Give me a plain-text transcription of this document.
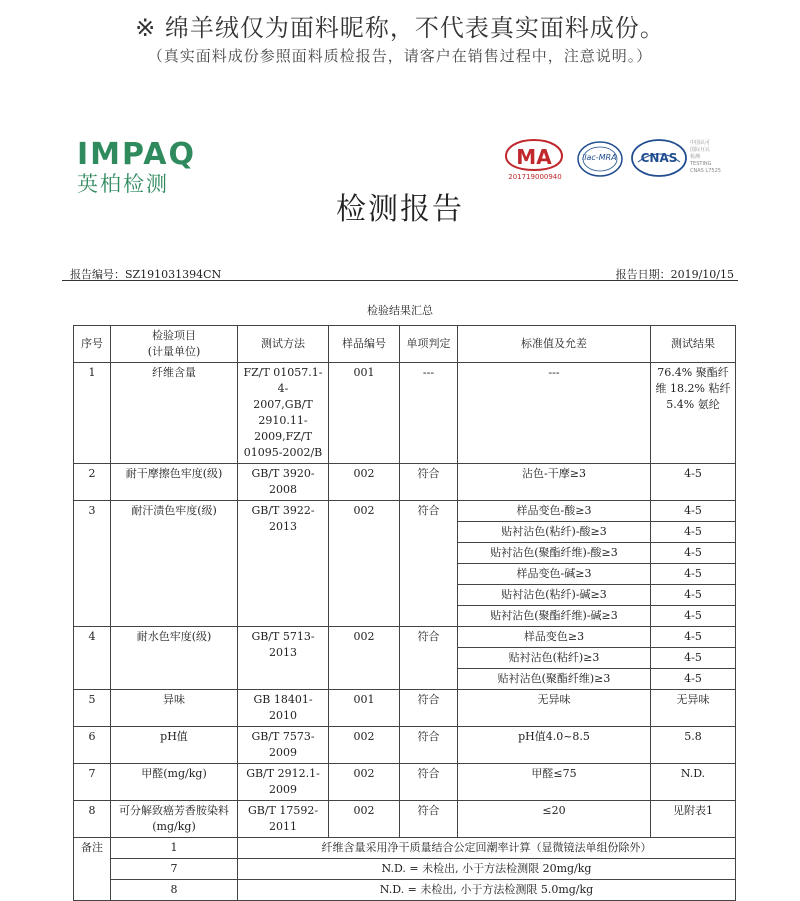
※ 绵羊绒仅为面料昵称，不代表真实面料成份。
（真实面料成份参照面料质检报告，请客户在销售过程中，注意说明。）
IMPAQ
英柏检测
MA
201719000940
ilac-MRA CNAS
中国认可
国际互认
检测
TESTING
CNAS L7525
检测报告
报告编号：SZ191031394CN	报告日期：2019/10/15
检验结果汇总
序号	检验项目
(计量单位)	测试方法	样品编号	单项判定	标准值及允差	测试结果
1	纤维含量	FZ/T 01057.1-4-
2007,GB/T
2910.11-
2009,FZ/T
01095-2002/B	001	---	---	76.4% 聚酯纤
维 18.2% 粘纤
5.4% 氨纶
2	耐干摩擦色牢度(级)	GB/T 3920-2008	002	符合	沾色-干摩≥3	4-5
3	耐汗渍色牢度(级)	GB/T 3922-2013	002	符合	样品变色-酸≥3	4-5
					贴衬沾色(粘纤)-酸≥3	4-5
					贴衬沾色(聚酯纤维)-酸≥3	4-5
					样品变色-碱≥3	4-5
					贴衬沾色(粘纤)-碱≥3	4-5
					贴衬沾色(聚酯纤维)-碱≥3	4-5
4	耐水色牢度(级)	GB/T 5713-2013	002	符合	样品变色≥3	4-5
					贴衬沾色(粘纤)≥3	4-5
					贴衬沾色(聚酯纤维)≥3	4-5
5	异味	GB 18401-2010	001	符合	无异味	无异味
6	pH值	GB/T 7573-2009	002	符合	pH值4.0~8.5	5.8
7	甲醛(mg/kg)	GB/T 2912.1-
2009	002	符合	甲醛≤75	N.D.
8	可分解致癌芳香胺染料
(mg/kg)	GB/T 17592-
2011	002	符合	≤20	见附表1
备注	1	纤维含量采用净干质量结合公定回潮率计算（显微镜法单组份除外）				
	7	N.D. = 未检出, 小于方法检测限 20mg/kg				
	8	N.D. = 未检出, 小于方法检测限 5.0mg/kg				
